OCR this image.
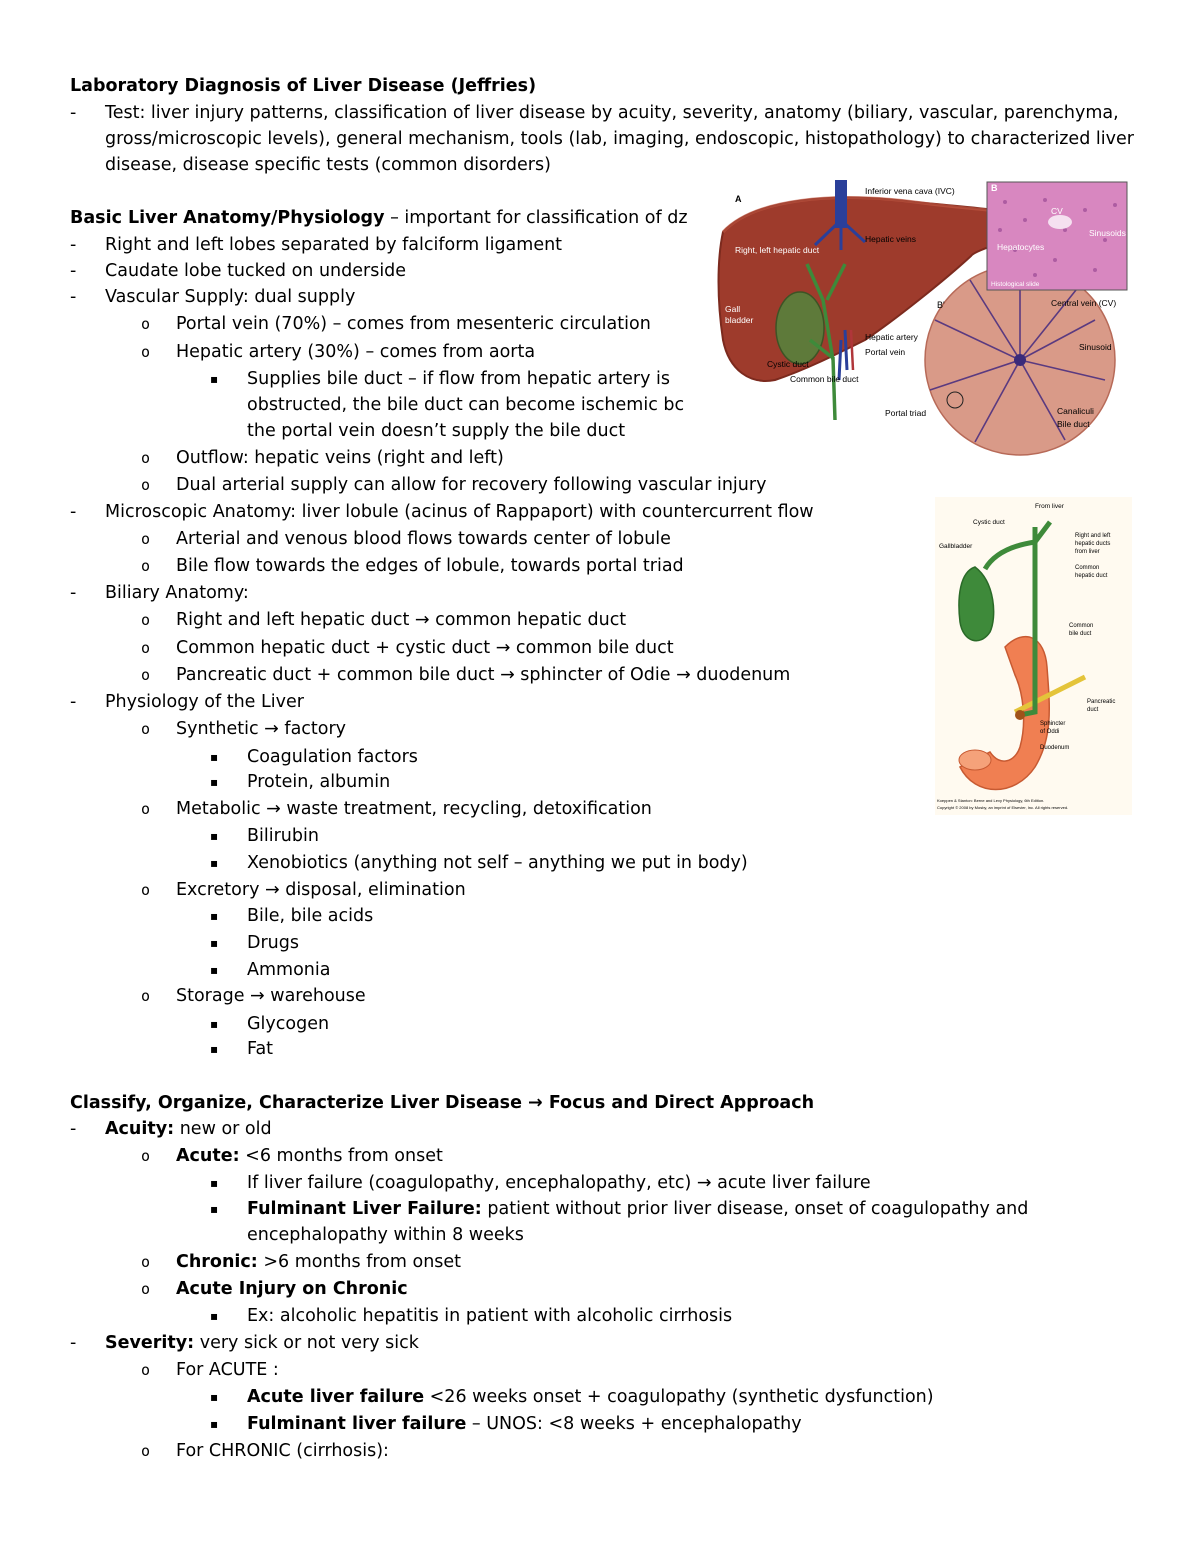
Laboratory Diagnosis of Liver Disease (Jeffries)
-	Test: liver injury patterns, classification of liver disease by acuity, severity, anatomy (biliary, vascular, parenchyma,
gross/microscopic levels), general mechanism, tools (lab, imaging, endoscopic, histopathology) to characterized liver
disease, disease specific tests (common disorders)
Basic Liver Anatomy/Physiology – important for classification of dz
-	Right and left lobes separated by falciform ligament
-	Caudate lobe tucked on underside
-	Vascular Supply: dual supply
o Portal vein (70%) – comes from mesenteric circulation
o Hepatic artery (30%) – comes from aorta
▪ Supplies bile duct – if flow from hepatic artery is
obstructed, the bile duct can become ischemic bc
the portal vein doesn’t supply the bile duct
o Outflow: hepatic veins (right and left)
o Dual arterial supply can allow for recovery following vascular injury
-	Microscopic Anatomy: liver lobule (acinus of Rappaport) with countercurrent flow
o Arterial and venous blood flows towards center of lobule
o Bile flow towards the edges of lobule, towards portal triad
-	Biliary Anatomy:
o Right and left hepatic duct → common hepatic duct
o Common hepatic duct + cystic duct → common bile duct
o Pancreatic duct + common bile duct → sphincter of Odie → duodenum
-	Physiology of the Liver
o Synthetic → factory
▪ Coagulation factors
▪ Protein, albumin
o Metabolic → waste treatment, recycling, detoxification
▪ Bilirubin
▪ Xenobiotics (anything not self – anything we put in body)
o Excretory → disposal, elimination
▪ Bile, bile acids
▪ Drugs
▪ Ammonia
o Storage → warehouse
▪ Glycogen
▪ Fat
Classify, Organize, Characterize Liver Disease → Focus and Direct Approach
-	Acuity: new or old
o Acute: <6 months from onset
▪ If liver failure (coagulopathy, encephalopathy, etc) → acute liver failure
▪ Fulminant Liver Failure: patient without prior liver disease, onset of coagulopathy and
encephalopathy within 8 weeks
o Chronic: >6 months from onset
o Acute Injury on Chronic
▪ Ex: alcoholic hepatitis in patient with alcoholic cirrhosis
-	Severity: very sick or not very sick
o For ACUTE :
▪ Acute liver failure <26 weeks onset + coagulopathy (synthetic dysfunction)
▪ Fulminant liver failure – UNOS: <8 weeks + encephalopathy
o For CHRONIC (cirrhosis):
A
B
Inferior vena cava (IVC)
Hepatic veins
Right, left hepatic duct
Gall
bladder
Cystic duct
Common bile duct
B'
Hepatic artery
Portal vein
Portal triad
Central vein (CV)
Sinusoid
Canaliculi
Bile duct
CV
Sinusoids
Hepatocytes
Histological slide
From liver
Cystic duct
Gallbladder
Right and left
hepatic ducts
from liver
Common
hepatic duct
Common
bile duct
Pancreatic
duct
Sphincter
of Oddi
Duodenum
Koeppen & Stanton: Berne and Levy Physiology, 6th Edition.
Copyright © 2008 by Mosby, an imprint of Elsevier, Inc. All rights reserved.
